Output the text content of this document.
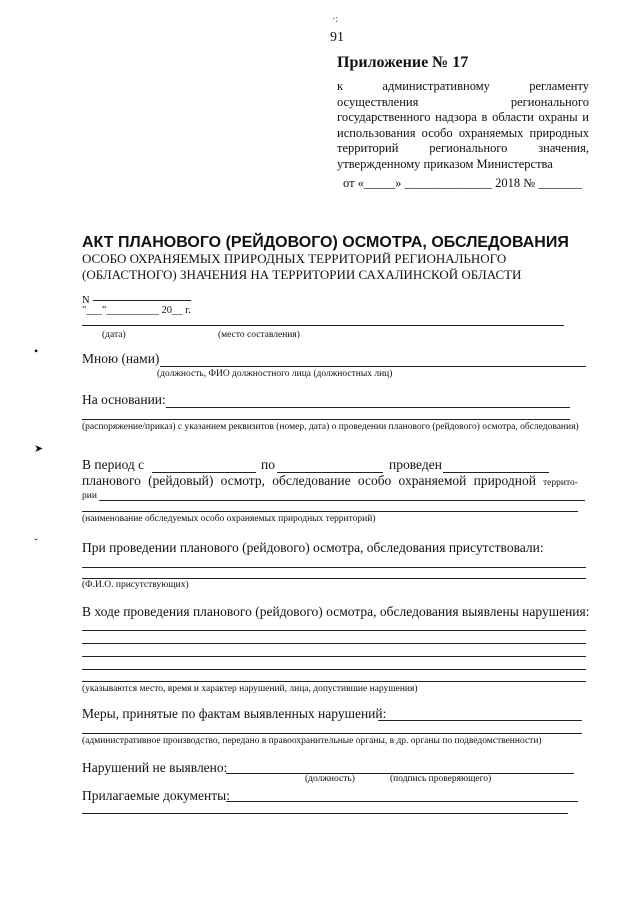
·:
91
Приложение № 17
к административному регламенту осуществления регионального государственного надзора в области охраны и использования особо охраняемых природных территорий регионального значения, утвержденному приказом Министерства
от «_____» ______________ 2018 № _______
АКТ ПЛАНОВОГО (РЕЙДОВОГО) ОСМОТРА, ОБСЛЕДОВАНИЯ
ОСОБО ОХРАНЯЕМЫХ ПРИРОДНЫХ ТЕРРИТОРИЙ РЕГИОНАЛЬНОГО (ОБЛАСТНОГО) ЗНАЧЕНИЯ НА ТЕРРИТОРИИ САХАЛИНСКОЙ ОБЛАСТИ
N
"___"__________ 20__ г.
(дата)	(место составления)
•
➤
ˇ
Мною (нами)
(должность, ФИО должностного лица (должностных лиц)
На основании:
(распоряжение/приказ) с указанием реквизитов (номер, дата) о проведении планового (рейдового) осмотра, обследования)
В период с	по	проведен
планового (рейдовый) осмотр, обследование особо охраняемой природной террито-
рии
(наименование обследуемых особо охраняемых природных территорий)
При проведении планового (рейдового) осмотра, обследования присутствовали:
(Ф.И.О. присутствующих)
В ходе проведения планового (рейдового) осмотра, обследования выявлены нарушения:
(указываются место, время и характер нарушений, лица, допустившие нарушения)
Меры, принятые по фактам выявленных нарушений:
(административное производство, передано в правоохранительные органы, в др. органы по подведомственности)
Нарушений не выявлено:
(должность)	(подпись проверяющего)
Прилагаемые документы:
